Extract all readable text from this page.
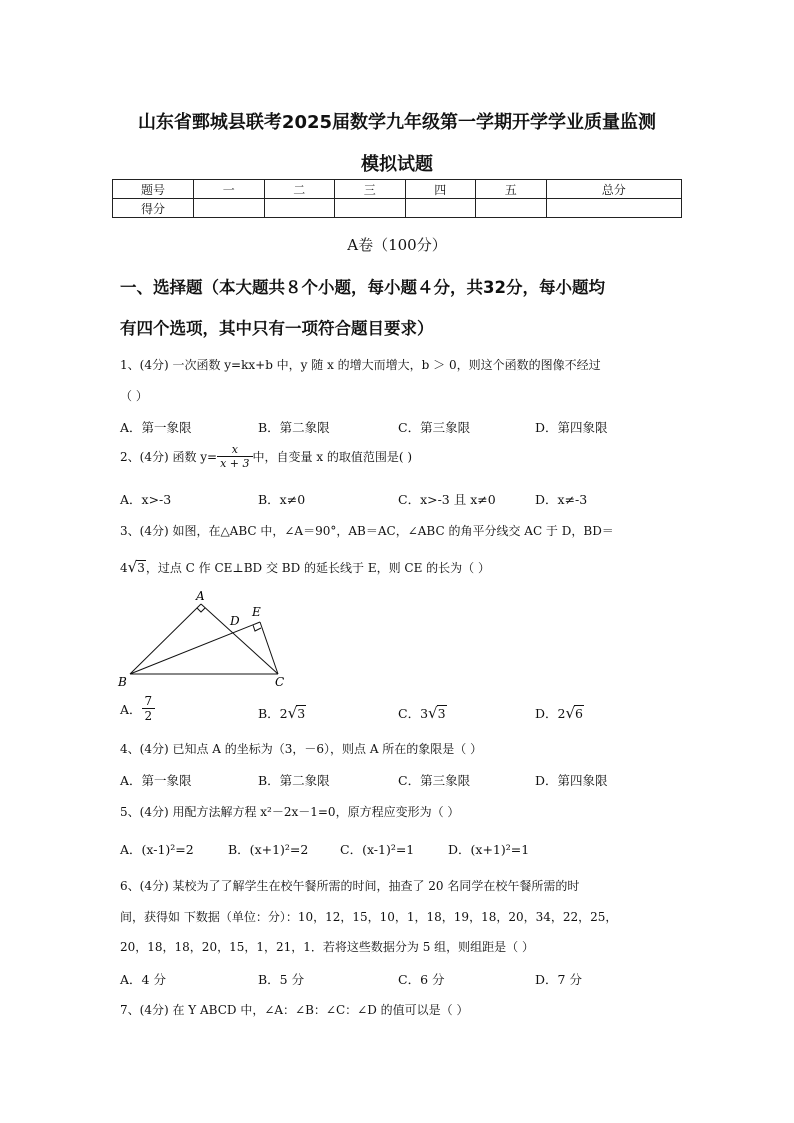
山东省鄄城县联考2025届数学九年级第一学期开学学业质量监测
模拟试题
题号	一	二	三	四	五	总分
得分						
A卷（100分）
一、选择题（本大题共８个小题，每小题４分，共32分，每小题均
有四个选项，其中只有一项符合题目要求）
1、(4分) 一次函数 y=kx+b 中，y 随 x 的增大而增大，b ＞ 0，则这个函数的图像不经过
（ ）
A．第一象限	B．第二象限	C．第三象限	D．第四象限
2、(4分) 函数 $y= \frac{x}{x + 3}$ 中，自变量 x 的取值范围是( )
A．x>-3	B．x≠0	C．x>-3 且 x≠0	D．x≠-3
3、(4分) 如图，在△ABC 中，∠A＝90°，AB＝AC，∠ABC 的角平分线交 AC 于 D，BD＝
4√3，过点 C 作 CE⊥BD 交 BD 的延长线于 E，则 CE 的长为（ ）
A
D
E
B	C
A． $\frac{7}{2}$	B．2√3	C．3√3	D．2√6
4、(4分) 已知点 A 的坐标为（3，－6），则点 A 所在的象限是（ ）
A．第一象限	B．第二象限	C．第三象限	D．第四象限
5、(4分) 用配方法解方程 x²－2x－1=0，原方程应变形为（ ）
A．(x-1)²=2	B．(x+1)²=2	C．(x-1)²=1	D．(x+1)²=1
6、(4分) 某校为了了解学生在校午餐所需的时间，抽查了 20 名同学在校午餐所需的时
间，获得如 下数据（单位：分）：10，12，15，10，1，18，19，18，20，34，22，25，
20，18，18，20，15，1，21，1．若将这些数据分为 5 组，则组距是（ ）
A．4 分	B．5 分	C．6 分	D．7 分
7、(4分) 在 Y ABCD 中，∠A：∠B：∠C：∠D 的值可以是（ ）
